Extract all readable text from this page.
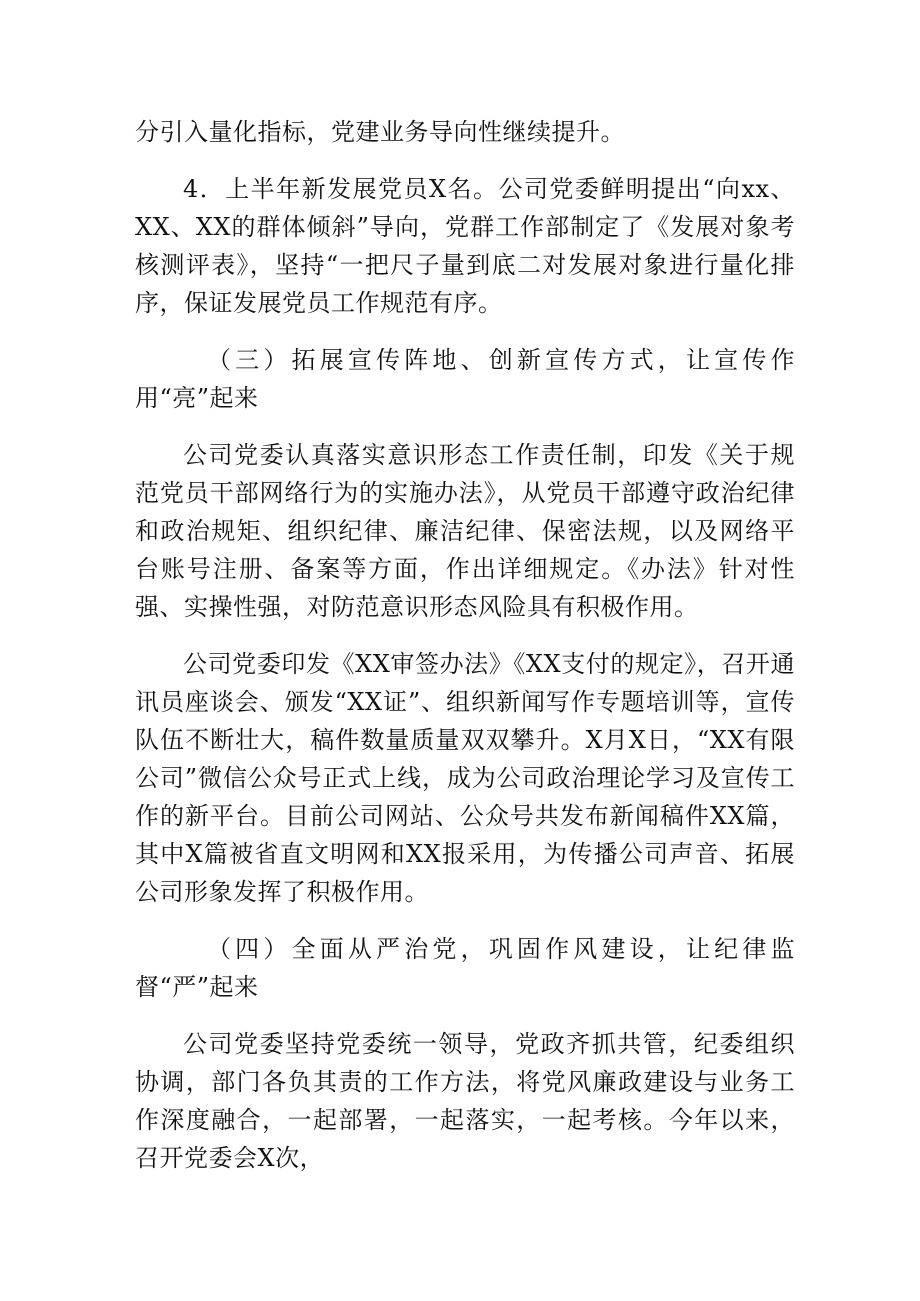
分引入量化指标，党建业务导向性继续提升。

4．上半年新发展党员X名。公司党委鲜明提出“向xx、XX、XX的群体倾斜”导向，党群工作部制定了《发展对象考核测评表》，坚持“一把尺子量到底二对发展对象进行量化排序，保证发展党员工作规范有序。

（三）拓展宣传阵地、创新宣传方式，让宣传作用“亮”起来

公司党委认真落实意识形态工作责任制，印发《关于规范党员干部网络行为的实施办法》，从党员干部遵守政治纪律和政治规矩、组织纪律、廉洁纪律、保密法规，以及网络平台账号注册、备案等方面，作出详细规定。《办法》针对性强、实操性强，对防范意识形态风险具有积极作用。

公司党委印发《XX审签办法》《XX支付的规定》，召开通讯员座谈会、颁发“XX证”、组织新闻写作专题培训等，宣传队伍不断壮大，稿件数量质量双双攀升。X月X日，“XX有限公司”微信公众号正式上线，成为公司政治理论学习及宣传工作的新平台。目前公司网站、公众号共发布新闻稿件XX篇，其中X篇被省直文明网和XX报采用，为传播公司声音、拓展公司形象发挥了积极作用。

（四）全面从严治党，巩固作风建设，让纪律监督“严”起来

公司党委坚持党委统一领导，党政齐抓共管，纪委组织协调，部门各负其责的工作方法，将党风廉政建设与业务工作深度融合，一起部署，一起落实，一起考核。今年以来，召开党委会X次，
